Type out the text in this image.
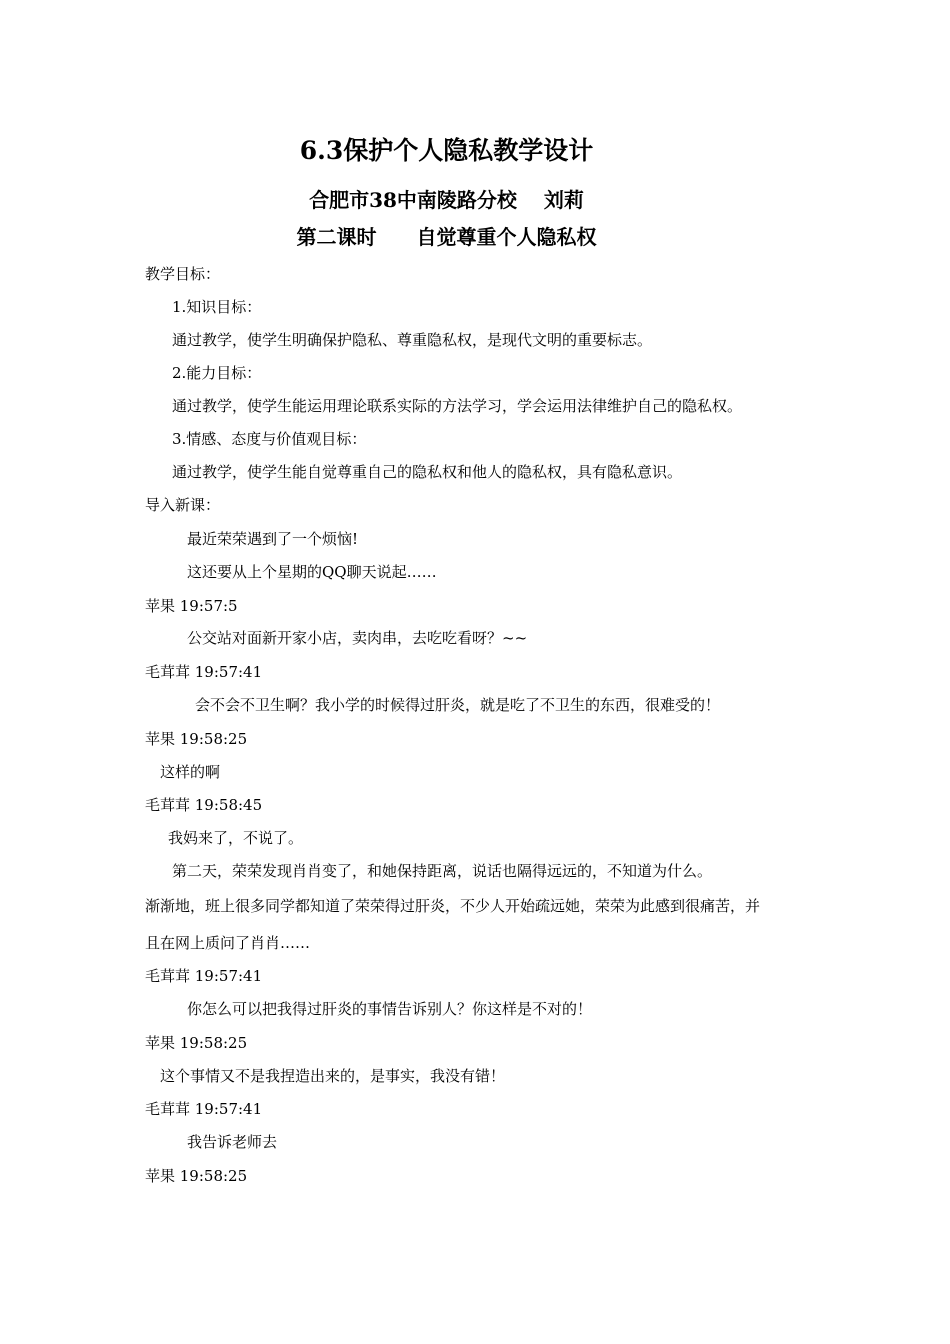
6.3保护个人隐私教学设计
合肥市38中南陵路分校　 刘莉
第二课时　　自觉尊重个人隐私权
教学目标：
1.知识目标：
通过教学，使学生明确保护隐私、尊重隐私权，是现代文明的重要标志。
2.能力目标：
通过教学，使学生能运用理论联系实际的方法学习，学会运用法律维护自己的隐私权。
3.情感、态度与价值观目标：
通过教学，使学生能自觉尊重自己的隐私权和他人的隐私权，具有隐私意识。
导入新课：
最近荣荣遇到了一个烦恼!
这还要从上个星期的QQ聊天说起……
苹果 19:57:5
公交站对面新开家小店，卖肉串，去吃吃看呀？~~
毛茸茸 19:57:41
会不会不卫生啊？我小学的时候得过肝炎，就是吃了不卫生的东西，很难受的！
苹果 19:58:25
这样的啊
毛茸茸 19:58:45
我妈来了，不说了。
第二天，荣荣发现肖肖变了，和她保持距离，说话也隔得远远的，不知道为什么。
渐渐地，班上很多同学都知道了荣荣得过肝炎，不少人开始疏远她，荣荣为此感到很痛苦，并
且在网上质问了肖肖……
毛茸茸 19:57:41
你怎么可以把我得过肝炎的事情告诉别人？你这样是不对的！
苹果 19:58:25
这个事情又不是我捏造出来的，是事实，我没有错！
毛茸茸 19:57:41
我告诉老师去
苹果 19:58:25
